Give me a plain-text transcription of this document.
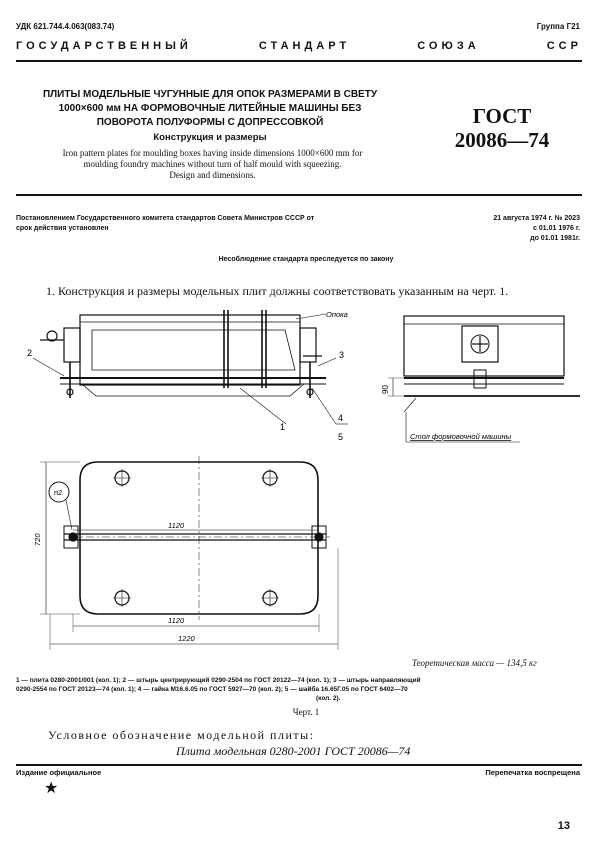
УДК 621.744.4.063(083.74)	Группа Г21
ГОСУДАРСТВЕННЫЙ	СТАНДАРТ	СОЮЗА	ССР
ПЛИТЫ МОДЕЛЬНЫЕ ЧУГУННЫЕ ДЛЯ ОПОК РАЗМЕРАМИ В СВЕТУ
1000×600 мм НА ФОРМОВОЧНЫЕ ЛИТЕЙНЫЕ МАШИНЫ БЕЗ
ПОВОРОТА ПОЛУФОРМЫ С ДОПРЕССОВКОЙ
Конструкция и размеры
Iron pattern plates for moulding boxes having inside dimensions 1000×600 mm for
moulding foundry machines without turn of half mould with squeezing.
Design and dimensions.
ГОСТ
20086—74
Постановлением Государственного комитета стандартов Совета Министров СССР от
срок действия установлен
21 августа 1974 г. № 2023
с 01.01 1976 г.
до 01.01 1981г.
Несоблюдение стандарта преследуется по закону
1. Конструкция и размеры модельных плит должны соответствовать указанным на черт. 1.
Опока
2	3
1
4
5
90
Стол формовочной машины
п2
1120
720
1120
1220
Теоретическая масса — 134,5 кг
1 — плита 0280-2001/001 (кол. 1); 2 — штырь центрирующий 0290-2504 по ГОСТ 20122—74 (кол. 1); 3 — штырь направляющий
0290-2554 по ГОСТ 20123—74 (кол. 1); 4 — гайка М16.6.05 по ГОСТ 5927—70 (кол. 2); 5 — шайба 16.65Г.05 по ГОСТ 6402—70
(кол. 2).
Черт. 1
Условное обозначение модельной плиты:
Плита модельная 0280-2001 ГОСТ 20086—74
Издание официальное	Перепечатка воспрещена
★
13
